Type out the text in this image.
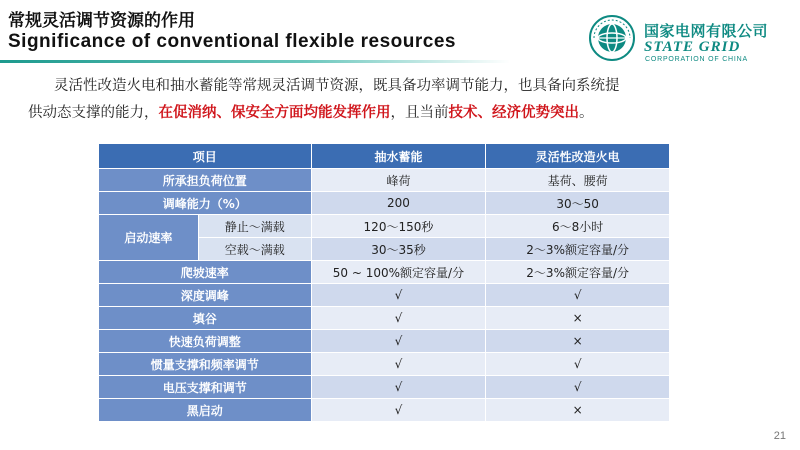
常规灵活调节资源的作用
Significance of conventional flexible resources	国家电网有限公司
STATE GRID
CORPORATION OF CHINA
灵活性改造火电和抽水蓄能等常规灵活调节资源，既具备功率调节能力，也具备向系统提
供动态支撑的能力，在促消纳、保安全方面均能发挥作用，且当前技术、经济优势突出。
项目		抽水蓄能	灵活性改造火电
所承担负荷位置		峰荷	基荷、腰荷
调峰能力（%）		200	30～50
启动速率	静止～满载	120～150秒	6～8小时
	空载～满载	30～35秒	2～3%额定容量/分
爬坡速率		50 ~ 100%额定容量/分	2～3%额定容量/分
深度调峰		√	√
填谷		√	×
快速负荷调整		√	×
惯量支撑和频率调节		√	√
电压支撑和调节		√	√
黑启动		√	×
21
